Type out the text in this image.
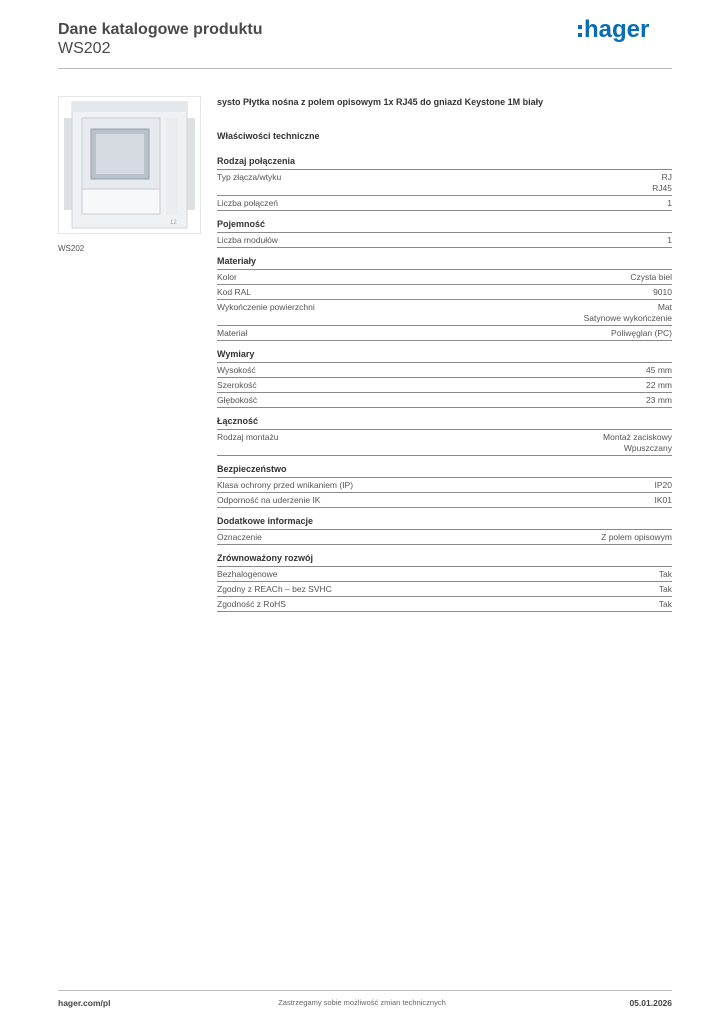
Dane katalogowe produktu
WS202
hager
12
WS202
systo Płytka nośna z polem opisowym 1x RJ45 do gniazd Keystone 1M biały
Właściwości techniczne
Rodzaj połączenia
Typ złącza/wtyku	RJ
RJ45
Liczba połączeń	1
Pojemność
Liczba modułów	1
Materiały
Kolor	Czysta biel
Kod RAL	9010
Wykończenie powierzchni	Mat
Satynowe wykończenie
Materiał	Poliwęglan (PC)
Wymiary
Wysokość	45 mm
Szerokość	22 mm
Głębokość	23 mm
Łączność
Rodzaj montażu	Montaż zaciskowy
Wpuszczany
Bezpieczeństwo
Klasa ochrony przed wnikaniem (IP)	IP20
Odporność na uderzenie IK	IK01
Dodatkowe informacje
Oznaczenie	Z polem opisowym
Zrównoważony rozwój
Bezhalogenowe	Tak
Zgodny z REACh – bez SVHC	Tak
Zgodność z RoHS	Tak
hager.com/pl	Zastrzegamy sobie możliwość zmian technicznych	05.01.2026
